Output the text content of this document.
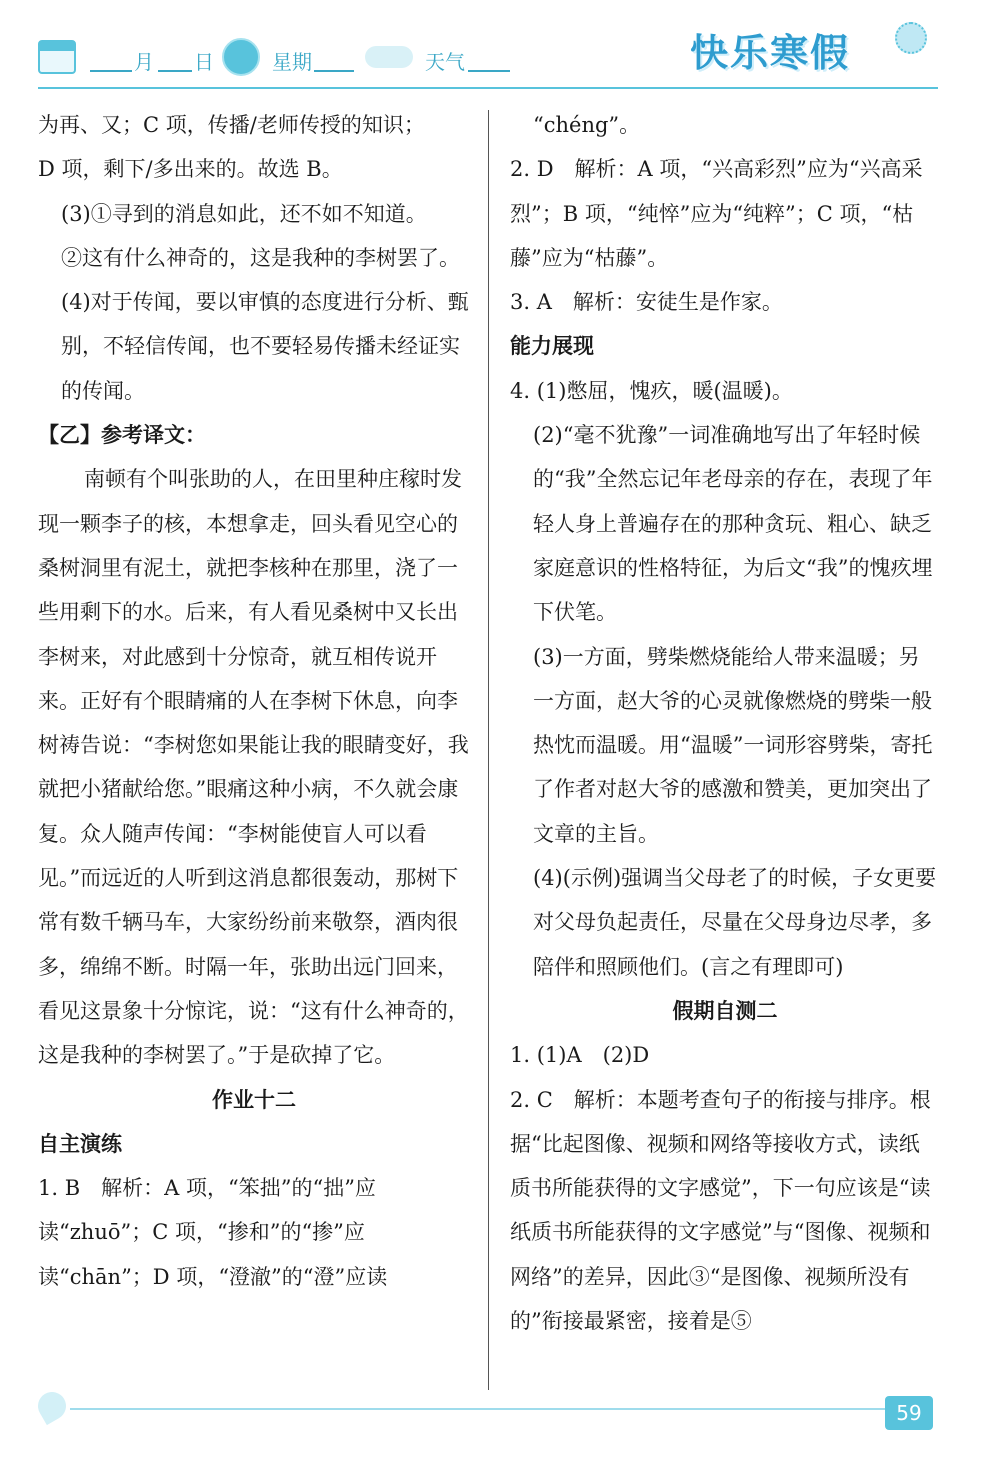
月 日	星期	天气	快乐寒假

为再、又；C 项，传播/老师传授的知识；

D 项，剩下/多出来的。故选 B。

(3)①寻到的消息如此，还不如不知道。

②这有什么神奇的，这是我种的李树罢了。

(4)对于传闻，要以审慎的态度进行分析、甄别，不轻信传闻，也不要轻易传播未经证实的传闻。

【乙】参考译文：

南顿有个叫张助的人，在田里种庄稼时发现一颗李子的核，本想拿走，回头看见空心的桑树洞里有泥土，就把李核种在那里，浇了一些用剩下的水。后来，有人看见桑树中又长出李树来，对此感到十分惊奇，就互相传说开来。正好有个眼睛痛的人在李树下休息，向李树祷告说：“李树您如果能让我的眼睛变好，我就把小猪献给您。”眼痛这种小病，不久就会康复。众人随声传闻：“李树能使盲人可以看见。”而远近的人听到这消息都很轰动，那树下常有数千辆马车，大家纷纷前来敬祭，酒肉很多，绵绵不断。时隔一年，张助出远门回来，看见这景象十分惊诧，说：“这有什么神奇的，这是我种的李树罢了。”于是砍掉了它。

作业十二

自主演练

1. B　解析：A 项，“笨拙”的“拙”应读“zhuō”；C 项，“掺和”的“掺”应读“chān”；D 项，“澄澈”的“澄”应读

“chéng”。

2. D　解析：A 项，“兴高彩烈”应为“兴高采烈”；B 项，“纯悴”应为“纯粹”；C 项，“枯藤”应为“枯藤”。

3. A　解析：安徒生是作家。

能力展现

4. (1)憋屈，愧疚，暖(温暖)。

(2)“毫不犹豫”一词准确地写出了年轻时候的“我”全然忘记年老母亲的存在，表现了年轻人身上普遍存在的那种贪玩、粗心、缺乏家庭意识的性格特征，为后文“我”的愧疚埋下伏笔。

(3)一方面，劈柴燃烧能给人带来温暖；另一方面，赵大爷的心灵就像燃烧的劈柴一般热忱而温暖。用“温暖”一词形容劈柴，寄托了作者对赵大爷的感激和赞美，更加突出了文章的主旨。

(4)(示例)强调当父母老了的时候，子女更要对父母负起责任，尽量在父母身边尽孝，多陪伴和照顾他们。(言之有理即可)

假期自测二

1. (1)A　(2)D

2. C　解析：本题考查句子的衔接与排序。根据“比起图像、视频和网络等接收方式，读纸质书所能获得的文字感觉”，下一句应该是“读纸质书所能获得的文字感觉”与“图像、视频和网络”的差异，因此③“是图像、视频所没有的”衔接最紧密，接着是⑤

59
